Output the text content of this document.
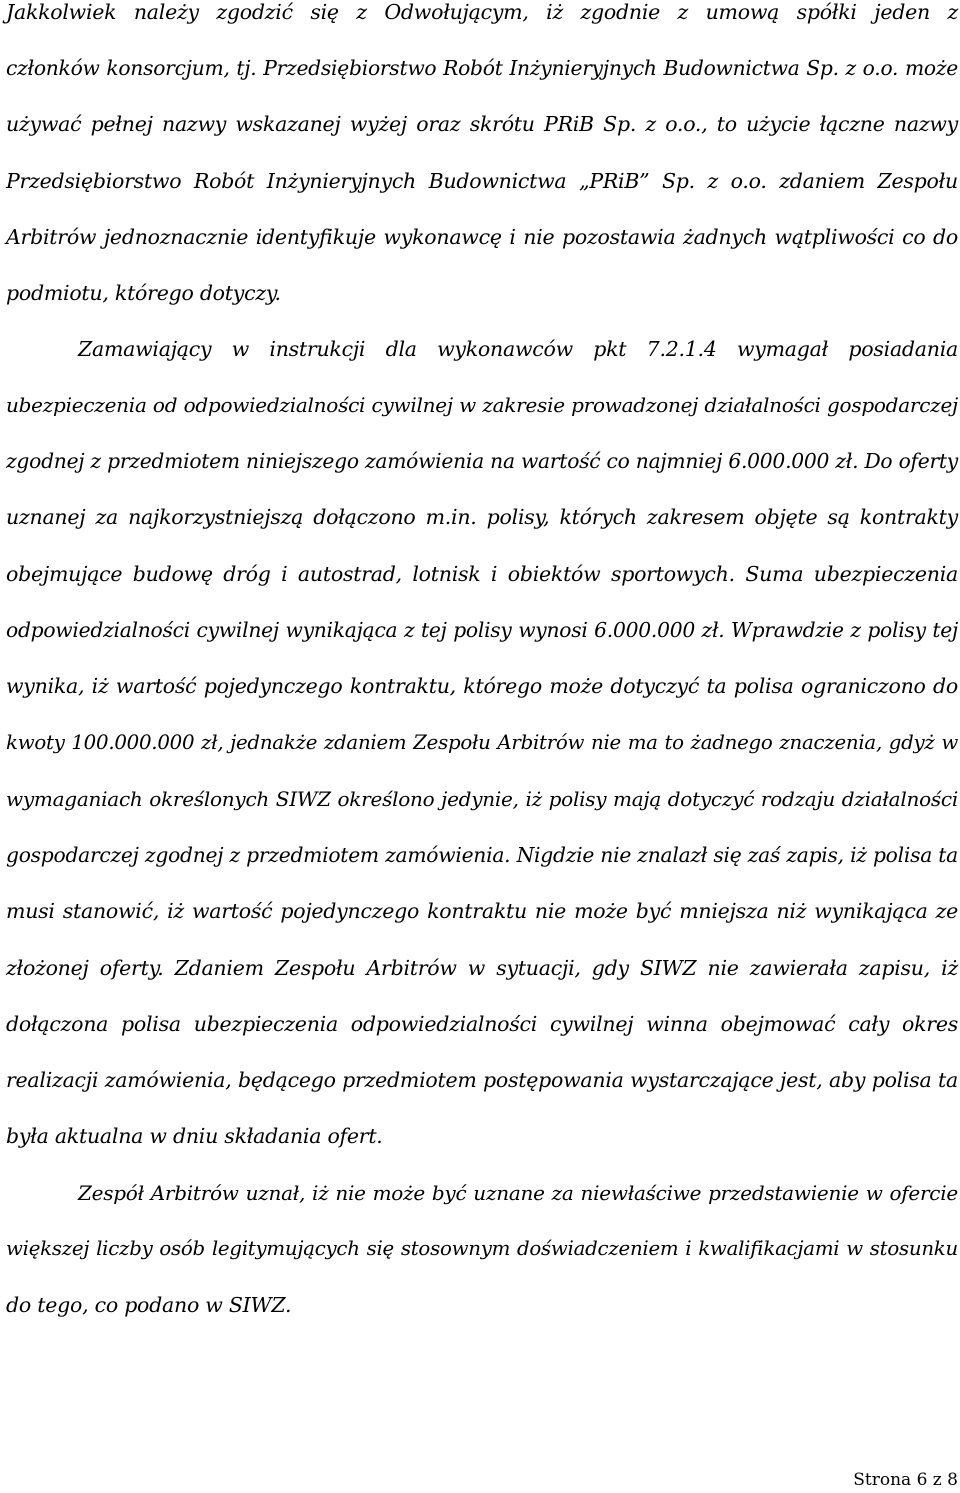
Jakkolwiek należy zgodzić się z Odwołującym, iż zgodnie z umową spółki jeden z
członków konsorcjum, tj. Przedsiębiorstwo Robót Inżynieryjnych Budownictwa Sp. z o.o. może
używać pełnej nazwy wskazanej wyżej oraz skrótu PRiB Sp. z o.o., to użycie łączne nazwy
Przedsiębiorstwo Robót Inżynieryjnych Budownictwa „PRiB” Sp. z o.o. zdaniem Zespołu
Arbitrów jednoznacznie identyfikuje wykonawcę i nie pozostawia żadnych wątpliwości co do
podmiotu, którego dotyczy.
Zamawiający w instrukcji dla wykonawców pkt 7.2.1.4 wymagał posiadania
ubezpieczenia od odpowiedzialności cywilnej w zakresie prowadzonej działalności gospodarczej
zgodnej z przedmiotem niniejszego zamówienia na wartość co najmniej 6.000.000 zł. Do oferty
uznanej za najkorzystniejszą dołączono m.in. polisy, których zakresem objęte są kontrakty
obejmujące budowę dróg i autostrad, lotnisk i obiektów sportowych. Suma ubezpieczenia
odpowiedzialności cywilnej wynikająca z tej polisy wynosi 6.000.000 zł. Wprawdzie z polisy tej
wynika, iż wartość pojedynczego kontraktu, którego może dotyczyć ta polisa ograniczono do
kwoty 100.000.000 zł, jednakże zdaniem Zespołu Arbitrów nie ma to żadnego znaczenia, gdyż w
wymaganiach określonych SIWZ określono jedynie, iż polisy mają dotyczyć rodzaju działalności
gospodarczej zgodnej z przedmiotem zamówienia. Nigdzie nie znalazł się zaś zapis, iż polisa ta
musi stanowić, iż wartość pojedynczego kontraktu nie może być mniejsza niż wynikająca ze
złożonej oferty. Zdaniem Zespołu Arbitrów w sytuacji, gdy SIWZ nie zawierała zapisu, iż
dołączona polisa ubezpieczenia odpowiedzialności cywilnej winna obejmować cały okres
realizacji zamówienia, będącego przedmiotem postępowania wystarczające jest, aby polisa ta
była aktualna w dniu składania ofert.
Zespół Arbitrów uznał, iż nie może być uznane za niewłaściwe przedstawienie w ofercie
większej liczby osób legitymujących się stosownym doświadczeniem i kwalifikacjami w stosunku
do tego, co podano w SIWZ.
Strona 6 z 8
